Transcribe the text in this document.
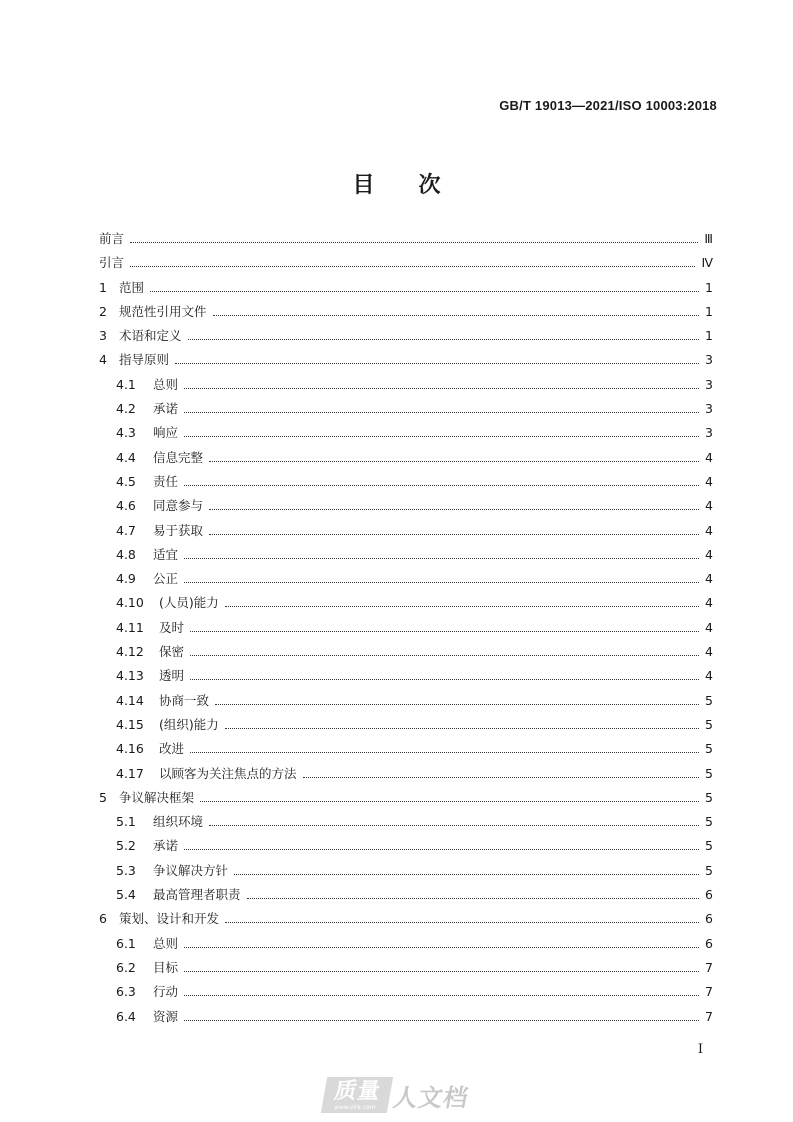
GB/T 19013—2021/ISO 10003:2018
目次
前言	Ⅲ
引言	Ⅳ
1 范围	1
2 规范性引用文件	1
3 术语和定义	1
4 指导原则	3
4.1	总则	3
4.2	承诺	3
4.3	响应	3
4.4	信息完整	4
4.5	责任	4
4.6	同意参与	4
4.7	易于获取	4
4.8	适宜	4
4.9	公正	4
4.10	(人员)能力	4
4.11	及时	4
4.12	保密	4
4.13	透明	4
4.14	协商一致	5
4.15	(组织)能力	5
4.16	改进	5
4.17	以顾客为关注焦点的方法	5
5 争议解决框架	5
5.1	组织环境	5
5.2	承诺	5
5.3	争议解决方针	5
5.4	最高管理者职责	6
6 策划、设计和开发	6
6.1	总则	6
6.2	目标	7
6.3	行动	7
6.4	资源	7
I
质量
www.zlrk.com 人文档
